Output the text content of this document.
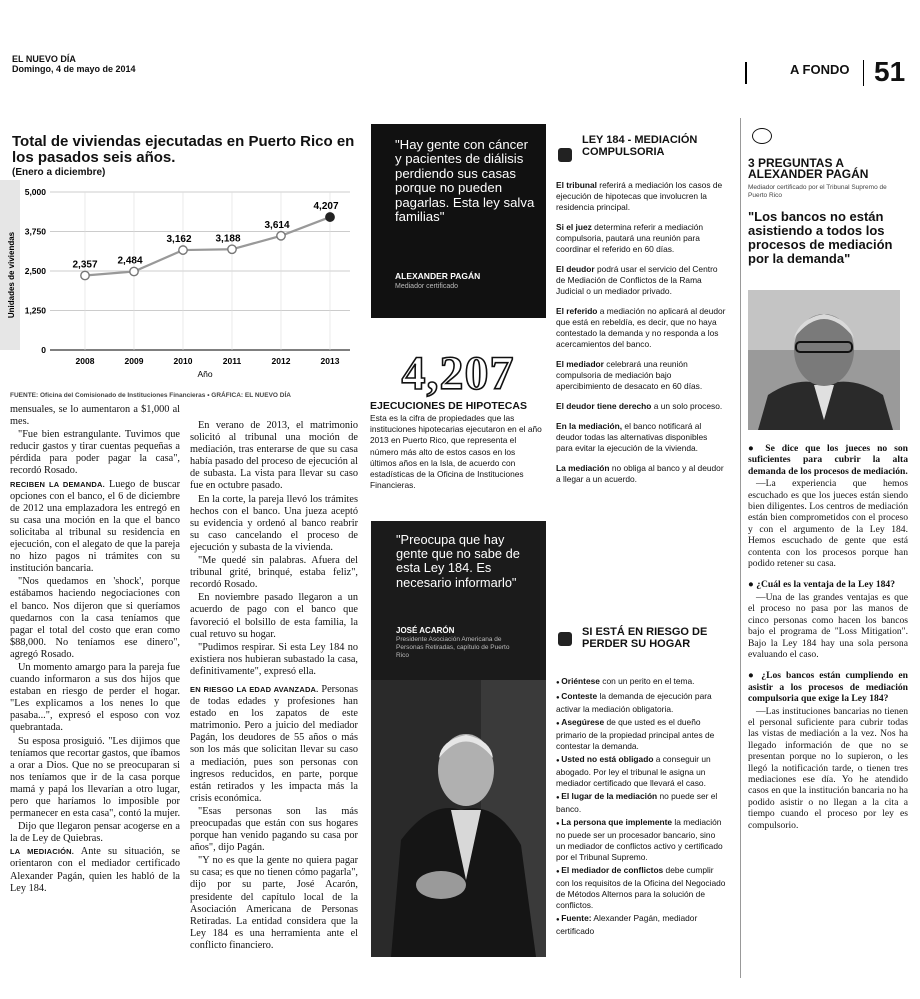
EL NUEVO DÍA
Domingo, 4 de mayo de 2014	A FONDO 51
Total de viviendas ejecutadas en Puerto Rico en los pasados seis años.
(Enero a diciembre)
0
1,250
2,500
3,750
5,000
2008	2009	2010	2011	2012	2013
Año
Unidades de viviendas	2,357 2,484
3,162 3,188
3,614
4,207
FUENTE: Oficina del Comisionado de Instituciones Financieras • GRÁFICA: EL NUEVO DÍA

mensuales, se lo aumentaron a $1,000 al mes.

"Fue bien estrangulante. Tuvimos que reducir gastos y tirar cuentas pequeñas a pérdida para poder pagar la casa", recordó Rosado.

RECIBEN LA DEMANDA. Luego de buscar opciones con el banco, el 6 de diciembre de 2012 una emplazadora les entregó en su casa una moción en la que el banco solicitaba al tribunal su residencia en ejecución, con el alegato de que la pareja no hizo pagos ni trámites con su institución bancaria.

"Nos quedamos en 'shock', porque estábamos haciendo negociaciones con el banco. Nos dijeron que si queríamos quedarnos con la casa teníamos que pagar el total del costo que eran como $88,000. No teníamos ese dinero", agregó Rosado.

Un momento amargo para la pareja fue cuando informaron a sus dos hijos que estaban en riesgo de perder el hogar. "Les explicamos a los nenes lo que pasaba...", expresó el esposo con voz quebrantada.

Su esposa prosiguió. "Les dijimos que teníamos que recortar gastos, que íbamos a orar a Dios. Que no se preocuparan si nos teníamos que ir de la casa porque mamá y papá los llevarían a otro lugar, pero que haríamos lo imposible por permanecer en esta casa", contó la mujer.

Dijo que llegaron pensar acogerse en a la de Ley de Quiebras.

LA MEDIACIÓN. Ante su situación, se orientaron con el mediador certificado Alexander Pagán, quien les habló de la Ley 184.

En verano de 2013, el matrimonio solicitó al tribunal una moción de mediación, tras enterarse de que su casa había pasado del proceso de ejecución al de subasta. La vista para llevar su caso fue en octubre pasado.

En la corte, la pareja llevó los trámites hechos con el banco. Una jueza aceptó su evidencia y ordenó al banco reabrir su caso cancelando el proceso de ejecución y subasta de la vivienda.

"Me quedé sin palabras. Afuera del tribunal grité, brinqué, estaba feliz", recordó Rosado.

En noviembre pasado llegaron a un acuerdo de pago con el banco que favoreció el bolsillo de esta familia, la cual retuvo su hogar.

"Pudimos respirar. Si esta Ley 184 no existiera nos hubieran subastado la casa, definitivamente", expresó ella.

EN RIESGO LA EDAD AVANZADA. Personas de todas edades y profesiones han estado en los zapatos de este matrimonio. Pero a juicio del mediador Pagán, los deudores de 55 años o más son los más que solicitan llevar su caso a mediación, pues son personas con ingresos reducidos, en parte, porque están retirados y les impacta más la crisis económica.

"Esas personas son las más preocupadas que están con sus hogares porque han venido pagando su casa por años", dijo Pagán.

"Y no es que la gente no quiera pagar su casa; es que no tienen cómo pagarla", dijo por su parte, José Acarón, presidente del capítulo local de la Asociación Americana de Personas Retiradas. La entidad considera que la Ley 184 es una herramienta ante el conflicto financiero.

"Hay gente con cáncer y pacientes de diálisis perdiendo sus casas porque no pueden pagarlas. Esta ley salva familias"
ALEXANDER PAGÁN
Mediador certificado
4,207
EJECUCIONES DE HIPOTECAS
Esta es la cifra de propiedades que las instituciones hipotecarias ejecutaron en el año 2013 en Puerto Rico, que representa el número más alto de estos casos en los últimos años en la Isla, de acuerdo con estadísticas de la Oficina de Instituciones Financieras.
"Preocupa que hay gente que no sabe de esta Ley 184. Es necesario informarlo"
JOSÉ ACARÓN
Presidente Asociación Americana de Personas Retiradas, capítulo de Puerto Rico
LEY 184 - MEDIACIÓN COMPULSORIA

El tribunal referirá a mediación los casos de ejecución de hipotecas que involucren la residencia principal.

Si el juez determina referir a mediación compulsoria, pautará una reunión para coordinar el referido en 60 días.

El deudor podrá usar el servicio del Centro de Mediación de Conflictos de la Rama Judicial o un mediador privado.

El referido a mediación no aplicará al deudor que está en rebeldía, es decir, que no haya contestado la demanda y no responda a los acercamientos del banco.

El mediador celebrará una reunión compulsoria de mediación bajo apercibimiento de desacato en 60 días.

El deudor tiene derecho a un solo proceso.

En la mediación, el banco notificará al deudor todas las alternativas disponibles para evitar la ejecución de la vivienda.

La mediación no obliga al banco y al deudor a llegar a un acuerdo.

SI ESTÁ EN RIESGO DE PERDER SU HOGAR

● Oriéntese con un perito en el tema.

● Conteste la demanda de ejecución para activar la mediación obligatoria.

● Asegúrese de que usted es el dueño primario de la propiedad principal antes de contestar la demanda.

● Usted no está obligado a conseguir un abogado. Por ley el tribunal le asigna un mediador certificado que llevará el caso.

● El lugar de la mediación no puede ser el banco.

● La persona que implemente la mediación no puede ser un procesador bancario, sino un mediador de conflictos activo y certificado por el Tribunal Supremo.

● El mediador de conflictos debe cumplir con los requisitos de la Oficina del Negociado de Métodos Alternos para la solución de conflictos.

● Fuente: Alexander Pagán, mediador certificado

3 PREGUNTAS A ALEXANDER PAGÁN
Mediador certificado por el Tribunal Supremo de Puerto Rico
"Los bancos no están asistiendo a todos los procesos de mediación por la demanda"

● Se dice que los jueces no son suficientes para cubrir la alta demanda de los procesos de mediación.

—La experiencia que hemos escuchado es que los jueces están siendo bien diligentes. Los centros de mediación están bien comprometidos con el proceso y con el argumento de la Ley 184. Hemos escuchado de gente que está contenta con los procesos porque han podido retener su casa.

● ¿Cuál es la ventaja de la Ley 184?

—Una de las grandes ventajas es que el proceso no pasa por las manos de cinco personas como hacen los bancos bajo el programa de "Loss Mitigation". Bajo la Ley 184 hay una sola persona evaluando el caso.

● ¿Los bancos están cumpliendo en asistir a los procesos de mediación compulsoria que exige la Ley 184?

—Las instituciones bancarias no tienen el personal suficiente para cubrir todas las vistas de mediación a la vez. Nos ha llegado información de que no se presentan porque no lo supieron, o les llegó la notificación tarde, o tienen tres mediaciones ese día. Yo he atendido casos en que la institución bancaria no ha podido asistir o no llegan a la cita a tiempo cuando el proceso por ley es compulsorio.
